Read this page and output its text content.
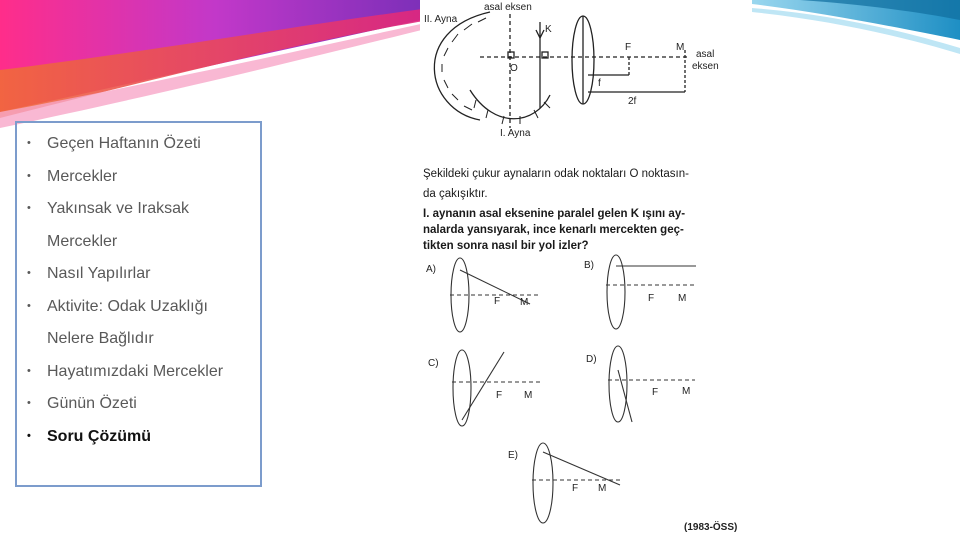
• Geçen Haftanın Özeti
• Mercekler
• Yakınsak ve Iraksak
Mercekler
• Nasıl Yapılırlar
• Aktivite: Odak Uzaklığı
Nelere Bağlıdır
• Hayatımızdaki Mercekler
• Günün Özeti
• Soru Çözümü
II. Ayna
I. Ayna
asal eksen
asal
eksen
K
O
F	M
f
2f
Şekildeki çukur aynaların odak noktaları O noktasın-
da çakışıktır.
I. aynanın asal eksenine paralel gelen K ışını ay-
nalarda yansıyarak, ince kenarlı mercekten geç-
tikten sonra nasıl bir yol izler?
A)
F M
B)
F M
C)
F M
D)
F M
E)
F M
(1983-ÖSS)
